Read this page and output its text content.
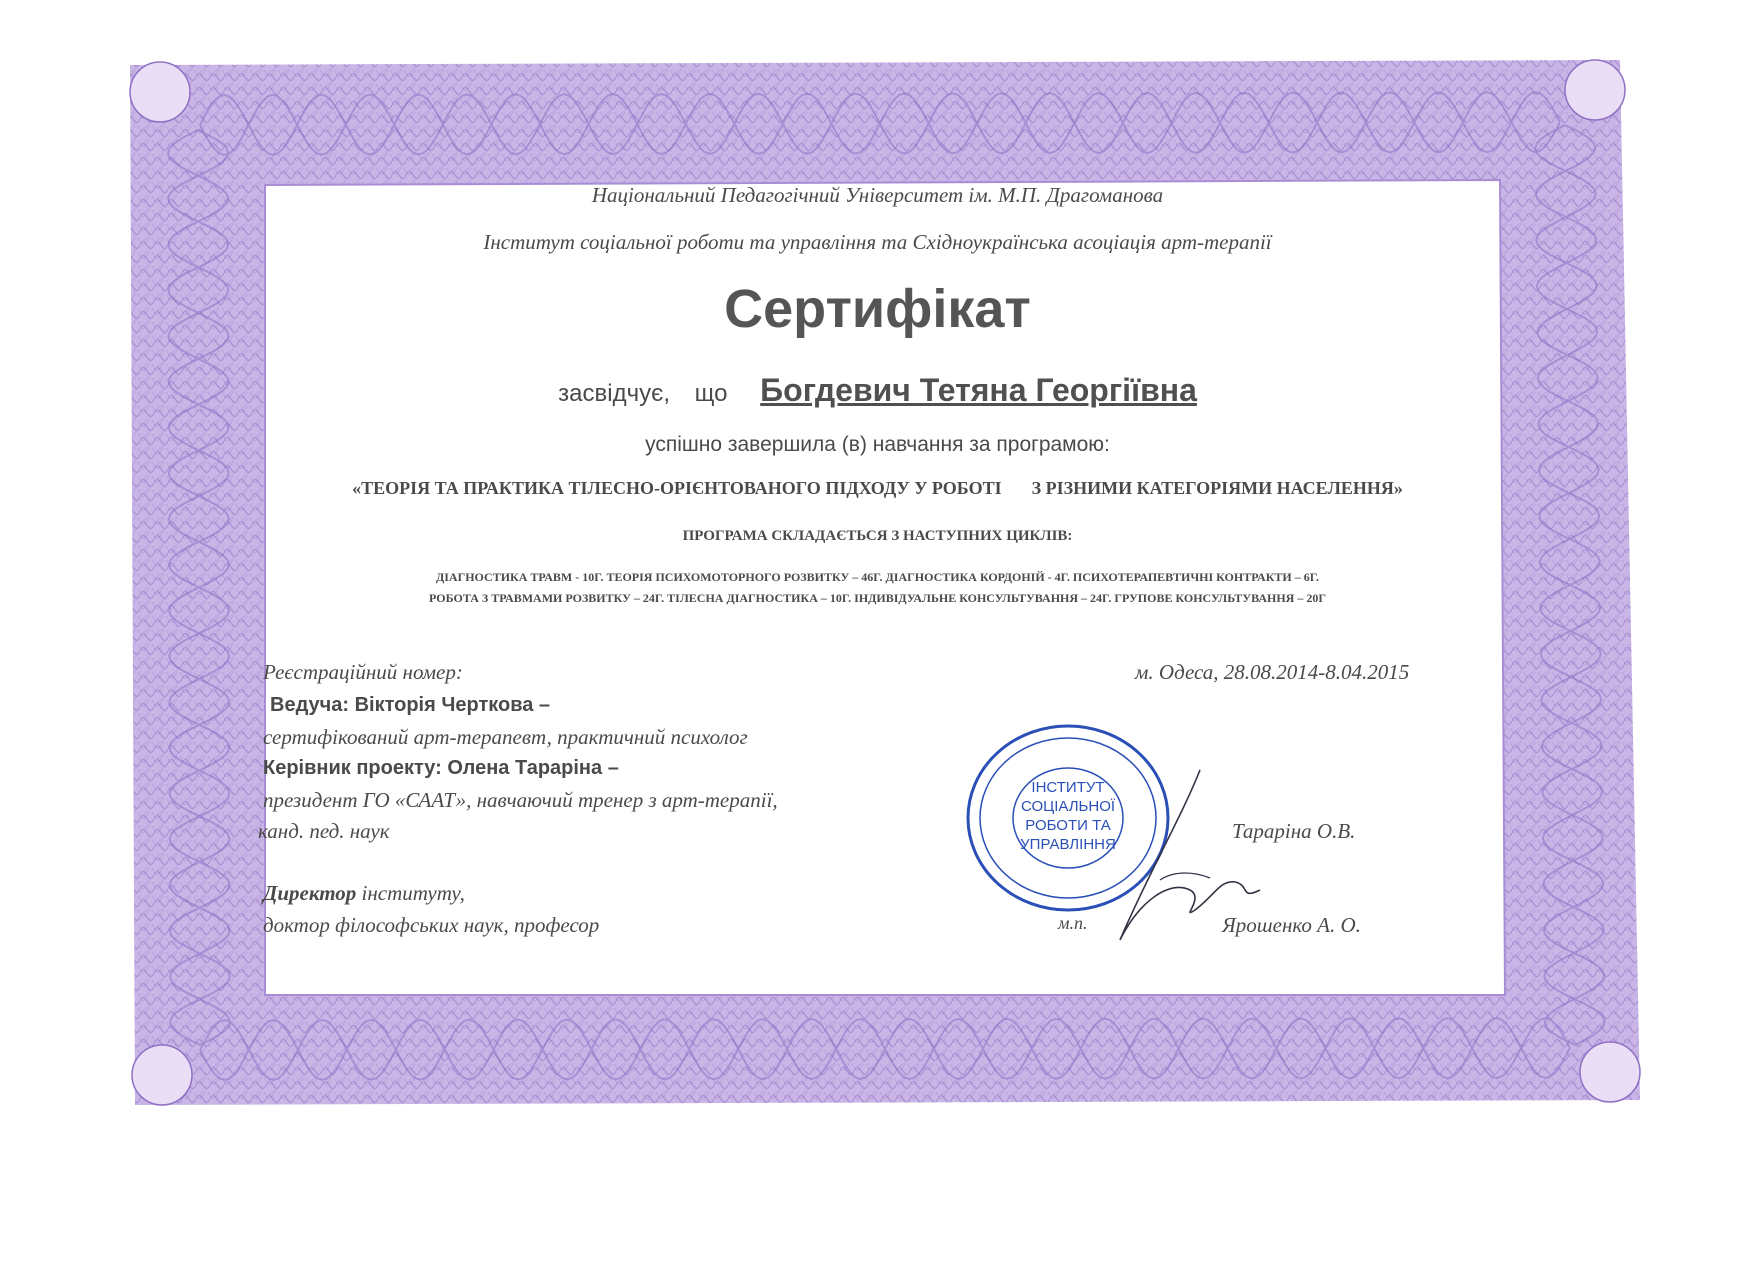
Національний Педагогічний Університет ім. М.П. Драгоманова
Інститут соціальної роботи та управління та Східноукраїнська асоціація арт-терапії
Сертифікат
засвідчує, що Богдевич Тетяна Георгіївна
успішно завершила (в) навчання за програмою:
«ТЕОРІЯ ТА ПРАКТИКА ТІЛЕСНО-ОРІЄНТОВАНОГО ПІДХОДУ У РОБОТІ З РІЗНИМИ КАТЕГОРІЯМИ НАСЕЛЕННЯ»
ПРОГРАМА СКЛАДАЄТЬСЯ З НАСТУПНИХ ЦИКЛІВ:
ДІАГНОСТИКА ТРАВМ - 10Г. ТЕОРІЯ ПСИХОМОТОРНОГО РОЗВИТКУ – 46Г. ДІАГНОСТИКА КОРДОНІЙ - 4Г. ПСИХОТЕРАПЕВТИЧНІ КОНТРАКТИ – 6Г.
РОБОТА З ТРАВМАМИ РОЗВИТКУ – 24Г. ТІЛЕСНА ДІАГНОСТИКА – 10Г. ІНДИВІДУАЛЬНЕ КОНСУЛЬТУВАННЯ – 24Г. ГРУПОВЕ КОНСУЛЬТУВАННЯ – 20Г
Реєстраційний номер:	м. Одеса, 28.08.2014-8.04.2015
Ведуча: Вікторія Черткова –
сертифікований арт-терапевт, практичний психолог
Керівник проекту: Олена Тараріна –
президент ГО «СААТ», навчаючий тренер з арт-терапії,
канд. пед. наук	Тараріна О.В.
Директор інституту,
доктор філософських наук, професор	м.п.	Ярошенко А. О.
ІНСТИТУТ
СОЦІАЛЬНОЇ
РОБОТИ ТА
УПРАВЛІННЯ
